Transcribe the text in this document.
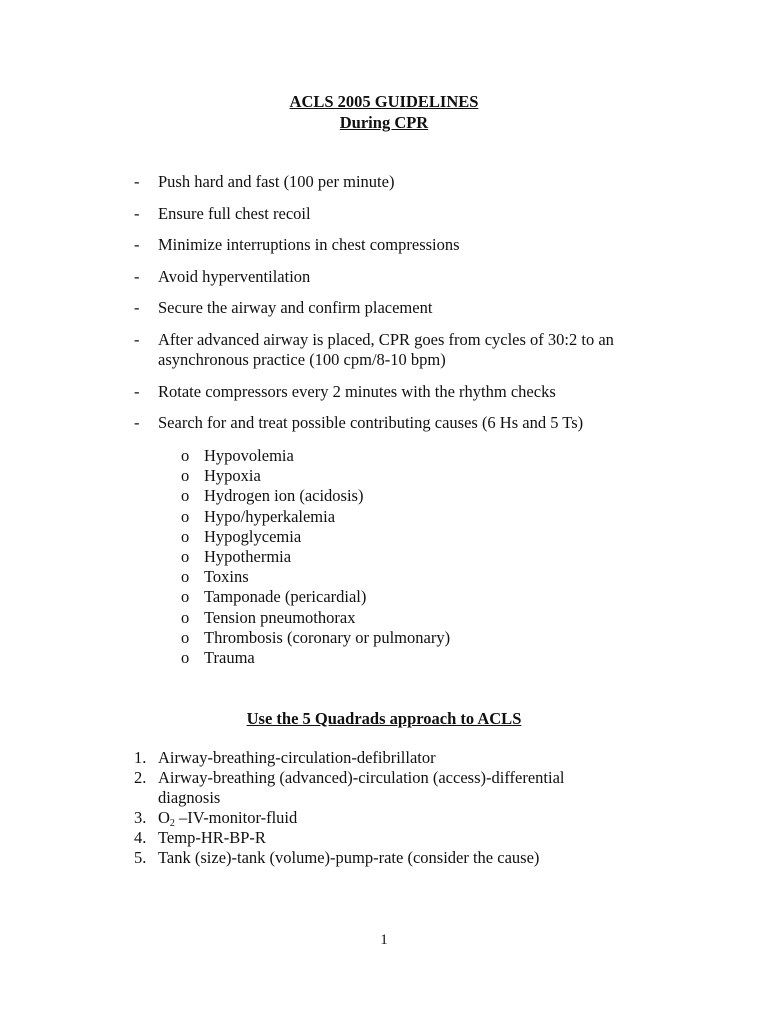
ACLS 2005 GUIDELINES
During CPR
- Push hard and fast (100 per minute)
- Ensure full chest recoil
- Minimize interruptions in chest compressions
- Avoid hyperventilation
- Secure the airway and confirm placement
- After advanced airway is placed, CPR goes from cycles of 30:2 to an asynchronous practice (100 cpm/8-10 bpm)
- Rotate compressors every 2 minutes with the rhythm checks
- Search for and treat possible contributing causes (6 Hs and 5 Ts)
o Hypovolemia
o Hypoxia
o Hydrogen ion (acidosis)
o Hypo/hyperkalemia
o Hypoglycemia
o Hypothermia
o Toxins
o Tamponade (pericardial)
o Tension pneumothorax
o Thrombosis (coronary or pulmonary)
o Trauma
Use the 5 Quadrads approach to ACLS
1. Airway-breathing-circulation-defibrillator
2. Airway-breathing (advanced)-circulation (access)-differential diagnosis
3. $O_2$ –IV-monitor-fluid
4. Temp-HR-BP-R
5. Tank (size)-tank (volume)-pump-rate (consider the cause)
1
